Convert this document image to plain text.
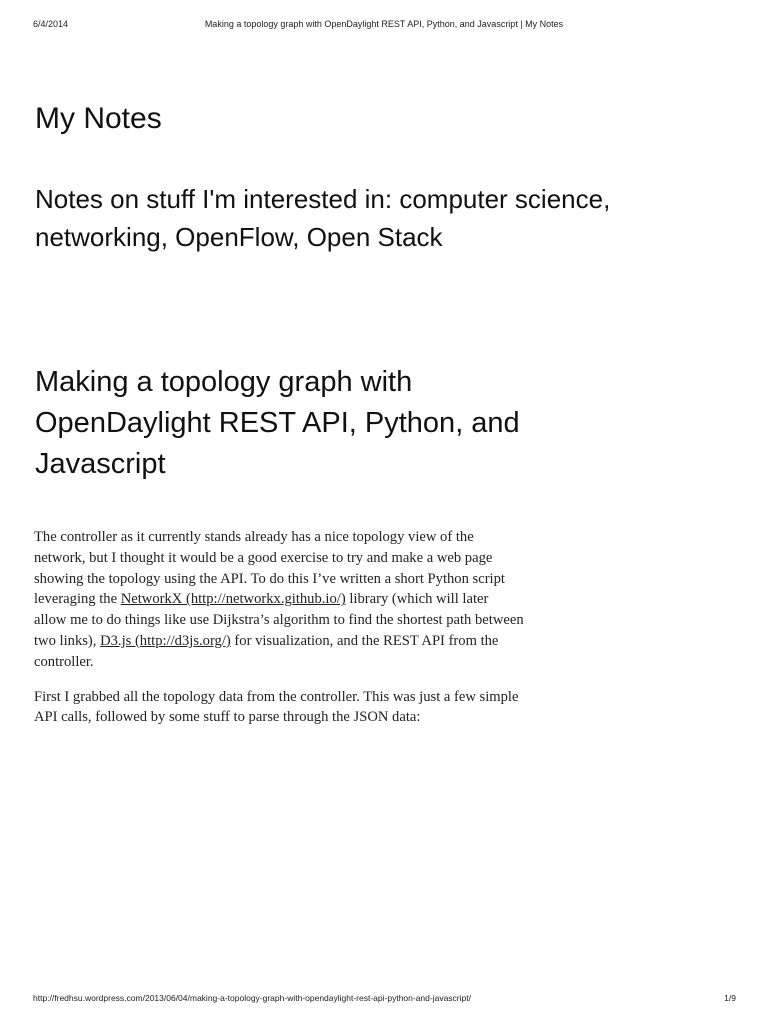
6/4/2014	Making a topology graph with OpenDaylight REST API, Python, and Javascript | My Notes
My Notes
Notes on stuff I'm interested in: computer science, networking, OpenFlow, Open Stack
Making a topology graph with OpenDaylight REST API, Python, and Javascript

The controller as it currently stands already has a nice topology view of the network, but I thought it would be a good exercise to try and make a web page showing the topology using the API. To do this I’ve written a short Python script leveraging the NetworkX (http://networkx.github.io/) library (which will later allow me to do things like use Dijkstra’s algorithm to find the shortest path between two links), D3.js (http://d3js.org/) for visualization, and the REST API from the controller.

First I grabbed all the topology data from the controller. This was just a few simple API calls, followed by some stuff to parse through the JSON data:

http://fredhsu.wordpress.com/2013/06/04/making-a-topology-graph-with-opendaylight-rest-api-python-and-javascript/	1/9
